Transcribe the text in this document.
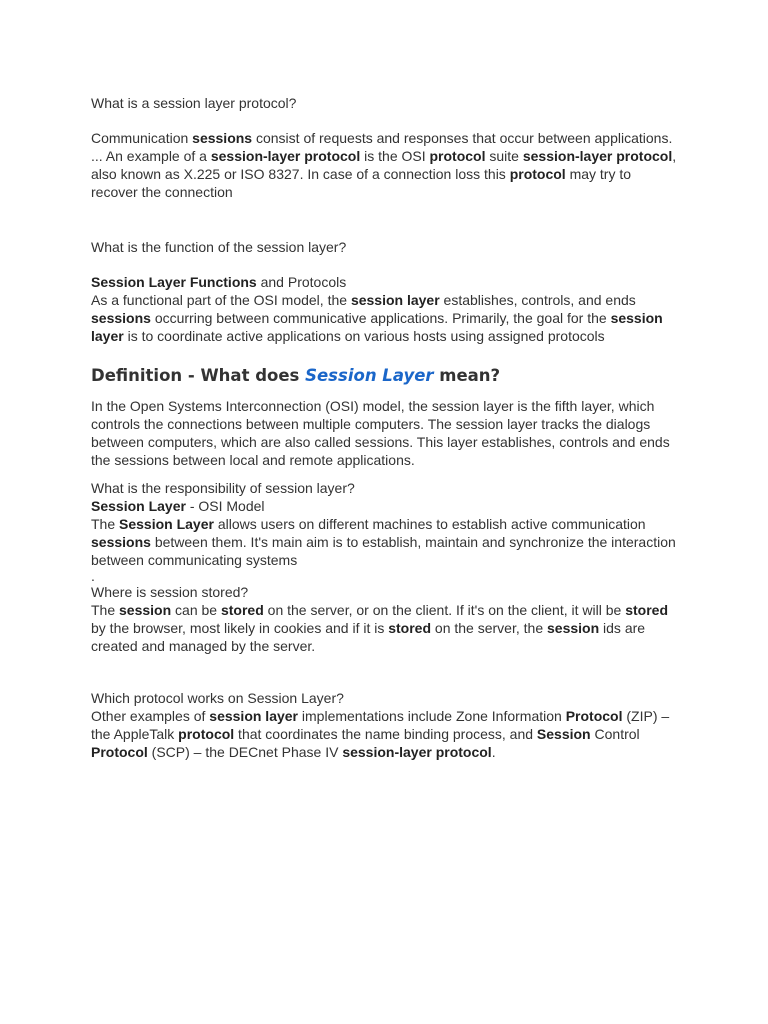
What is a session layer protocol?

Communication sessions consist of requests and responses that occur between applications. ... An example of a session-layer protocol is the OSI protocol suite session-layer protocol, also known as X.225 or ISO 8327. In case of a connection loss this protocol may try to recover the connection

What is the function of the session layer?

Session Layer Functions and Protocols

As a functional part of the OSI model, the session layer establishes, controls, and ends sessions occurring between communicative applications. Primarily, the goal for the session layer is to coordinate active applications on various hosts using assigned protocols

Definition - What does Session Layer mean?

In the Open Systems Interconnection (OSI) model, the session layer is the fifth layer, which controls the connections between multiple computers. The session layer tracks the dialogs between computers, which are also called sessions. This layer establishes, controls and ends the sessions between local and remote applications.

What is the responsibility of session layer?

Session Layer - OSI Model

The Session Layer allows users on different machines to establish active communication sessions between them. It's main aim is to establish, maintain and synchronize the interaction between communicating systems

.

Where is session stored?

The session can be stored on the server, or on the client. If it's on the client, it will be stored by the browser, most likely in cookies and if it is stored on the server, the session ids are created and managed by the server.

Which protocol works on Session Layer?

Other examples of session layer implementations include Zone Information Protocol (ZIP) – the AppleTalk protocol that coordinates the name binding process, and Session Control Protocol (SCP) – the DECnet Phase IV session-layer protocol.
